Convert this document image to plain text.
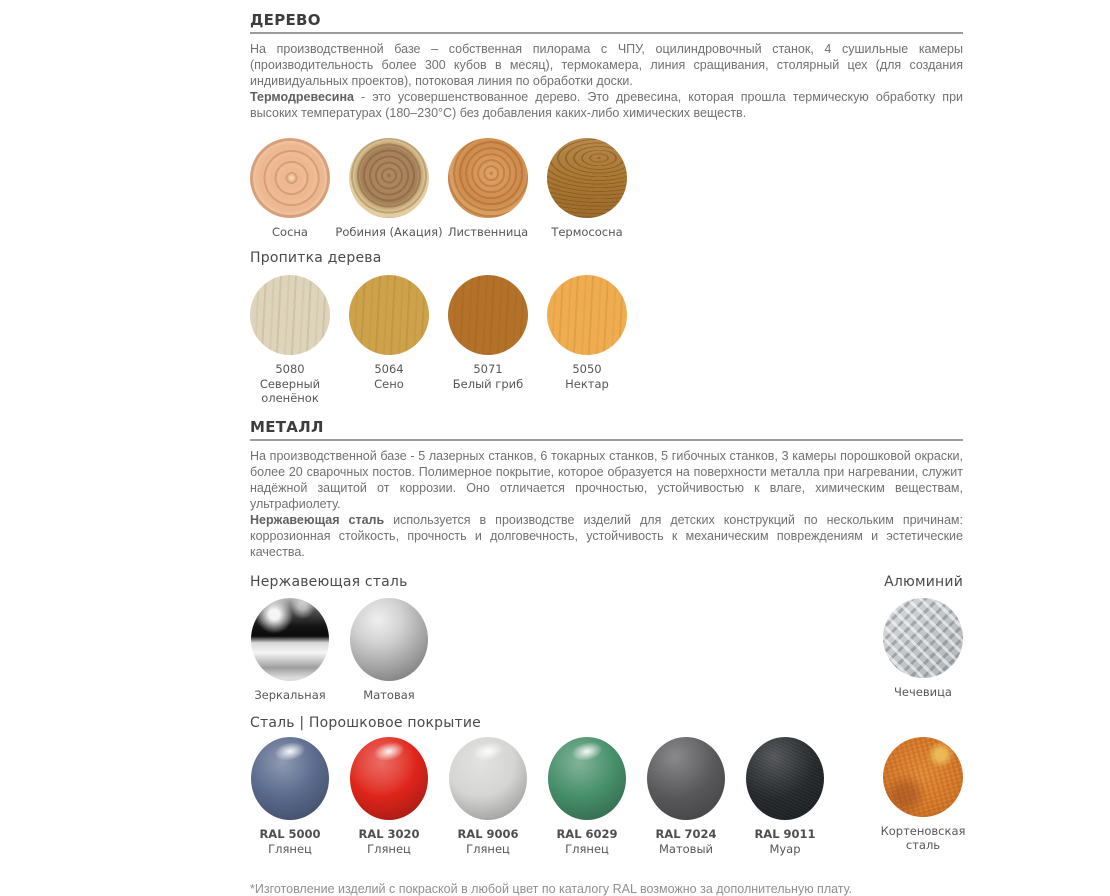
ДЕРЕВО

На производственной базе – собственная пилорама с ЧПУ, оцилиндровочный станок, 4 сушильные камеры (производительность более 300 кубов в месяц), термокамера, линия сращивания, столярный цех (для создания индивидуальных проектов), потоковая линия по обработки доски.

Термодревесина - это усовершенствованное дерево. Это древесина, которая прошла термическую обработку при высоких температурах (180–230°С) без добавления каких-либо химических веществ.

Сосна Робиния (Акация) Лиственница Термососна
Пропитка дерева
5080
Северный оленёнок
5064
Сено
5071
Белый гриб
5050
Нектар
МЕТАЛЛ

На производственной базе - 5 лазерных станков, 6 токарных станков, 5 гибочных станков, 3 камеры порошковой окраски, более 20 сварочных постов. Полимерное покрытие, которое образуется на поверхности металла при нагревании, служит надёжной защитой от коррозии. Оно отличается прочностью, устойчивостью к влаге, химическим веществам, ультрафиолету.

Нержавеющая сталь используется в производстве изделий для детских конструкций по нескольким причинам: коррозионная стойкость, прочность и долговечность, устойчивость к механическим повреждениям и эстетические качества.

Нержавеющая сталь	Алюминий
Зеркальная	Матовая	Чечевица
Сталь | Порошковое покрытие
RAL 5000
Глянец
RAL 3020
Глянец
RAL 9006
Глянец
RAL 6029
Глянец
RAL 7024
Матовый
RAL 9011
Муар
Кортеновская сталь

*Изготовление изделий с покраской в любой цвет по каталогу RAL возможно за дополнительную плату.
